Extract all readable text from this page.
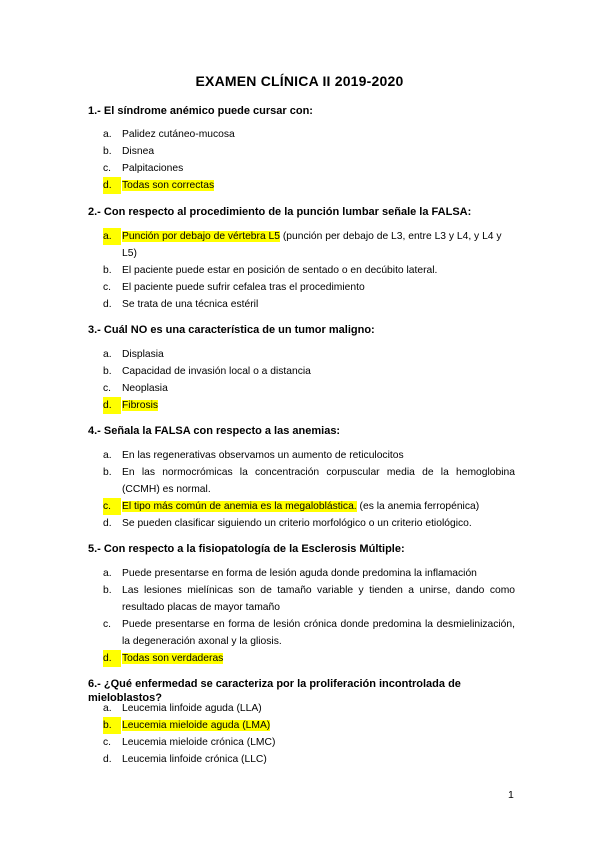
EXAMEN CLÍNICA II 2019-2020
1.- El síndrome anémico puede cursar con:
a.	Palidez cutáneo-mucosa
b.	Disnea
c.	Palpitaciones
d.	Todas son correctas
2.- Con respecto al procedimiento de la punción lumbar señale la FALSA:
a.	Punción por debajo de vértebra L5 (punción per debajo de L3, entre L3 y L4, y L4 y L5)
b.	El paciente puede estar en posición de sentado o en decúbito lateral.
c.	El paciente puede sufrir cefalea tras el procedimiento
d.	Se trata de una técnica estéril
3.- Cuál NO es una característica de un tumor maligno:
a.	Displasia
b.	Capacidad de invasión local o a distancia
c.	Neoplasia
d.	Fibrosis
4.- Señala la FALSA con respecto a las anemias:
a.	En las regenerativas observamos un aumento de reticulocitos
b.	En las normocrómicas la concentración corpuscular media de la hemoglobina (CCMH) es normal.
c.	El tipo más común de anemia es la megaloblástica. (es la anemia ferropénica)
d.	Se pueden clasificar siguiendo un criterio morfológico o un criterio etiológico.
5.- Con respecto a la fisiopatología de la Esclerosis Múltiple:
a.	Puede presentarse en forma de lesión aguda donde predomina la inflamación
b.	Las lesiones mielínicas son de tamaño variable y tienden a unirse, dando como resultado placas de mayor tamaño
c.	Puede presentarse en forma de lesión crónica donde predomina la desmielinización, la degeneración axonal y la gliosis.
d.	Todas son verdaderas
6.- ¿Qué enfermedad se caracteriza por la proliferación incontrolada de mieloblastos?
a.	Leucemia linfoide aguda (LLA)
b.	Leucemia mieloide aguda (LMA)
c.	Leucemia mieloide crónica (LMC)
d.	Leucemia linfoide crónica (LLC)
1
